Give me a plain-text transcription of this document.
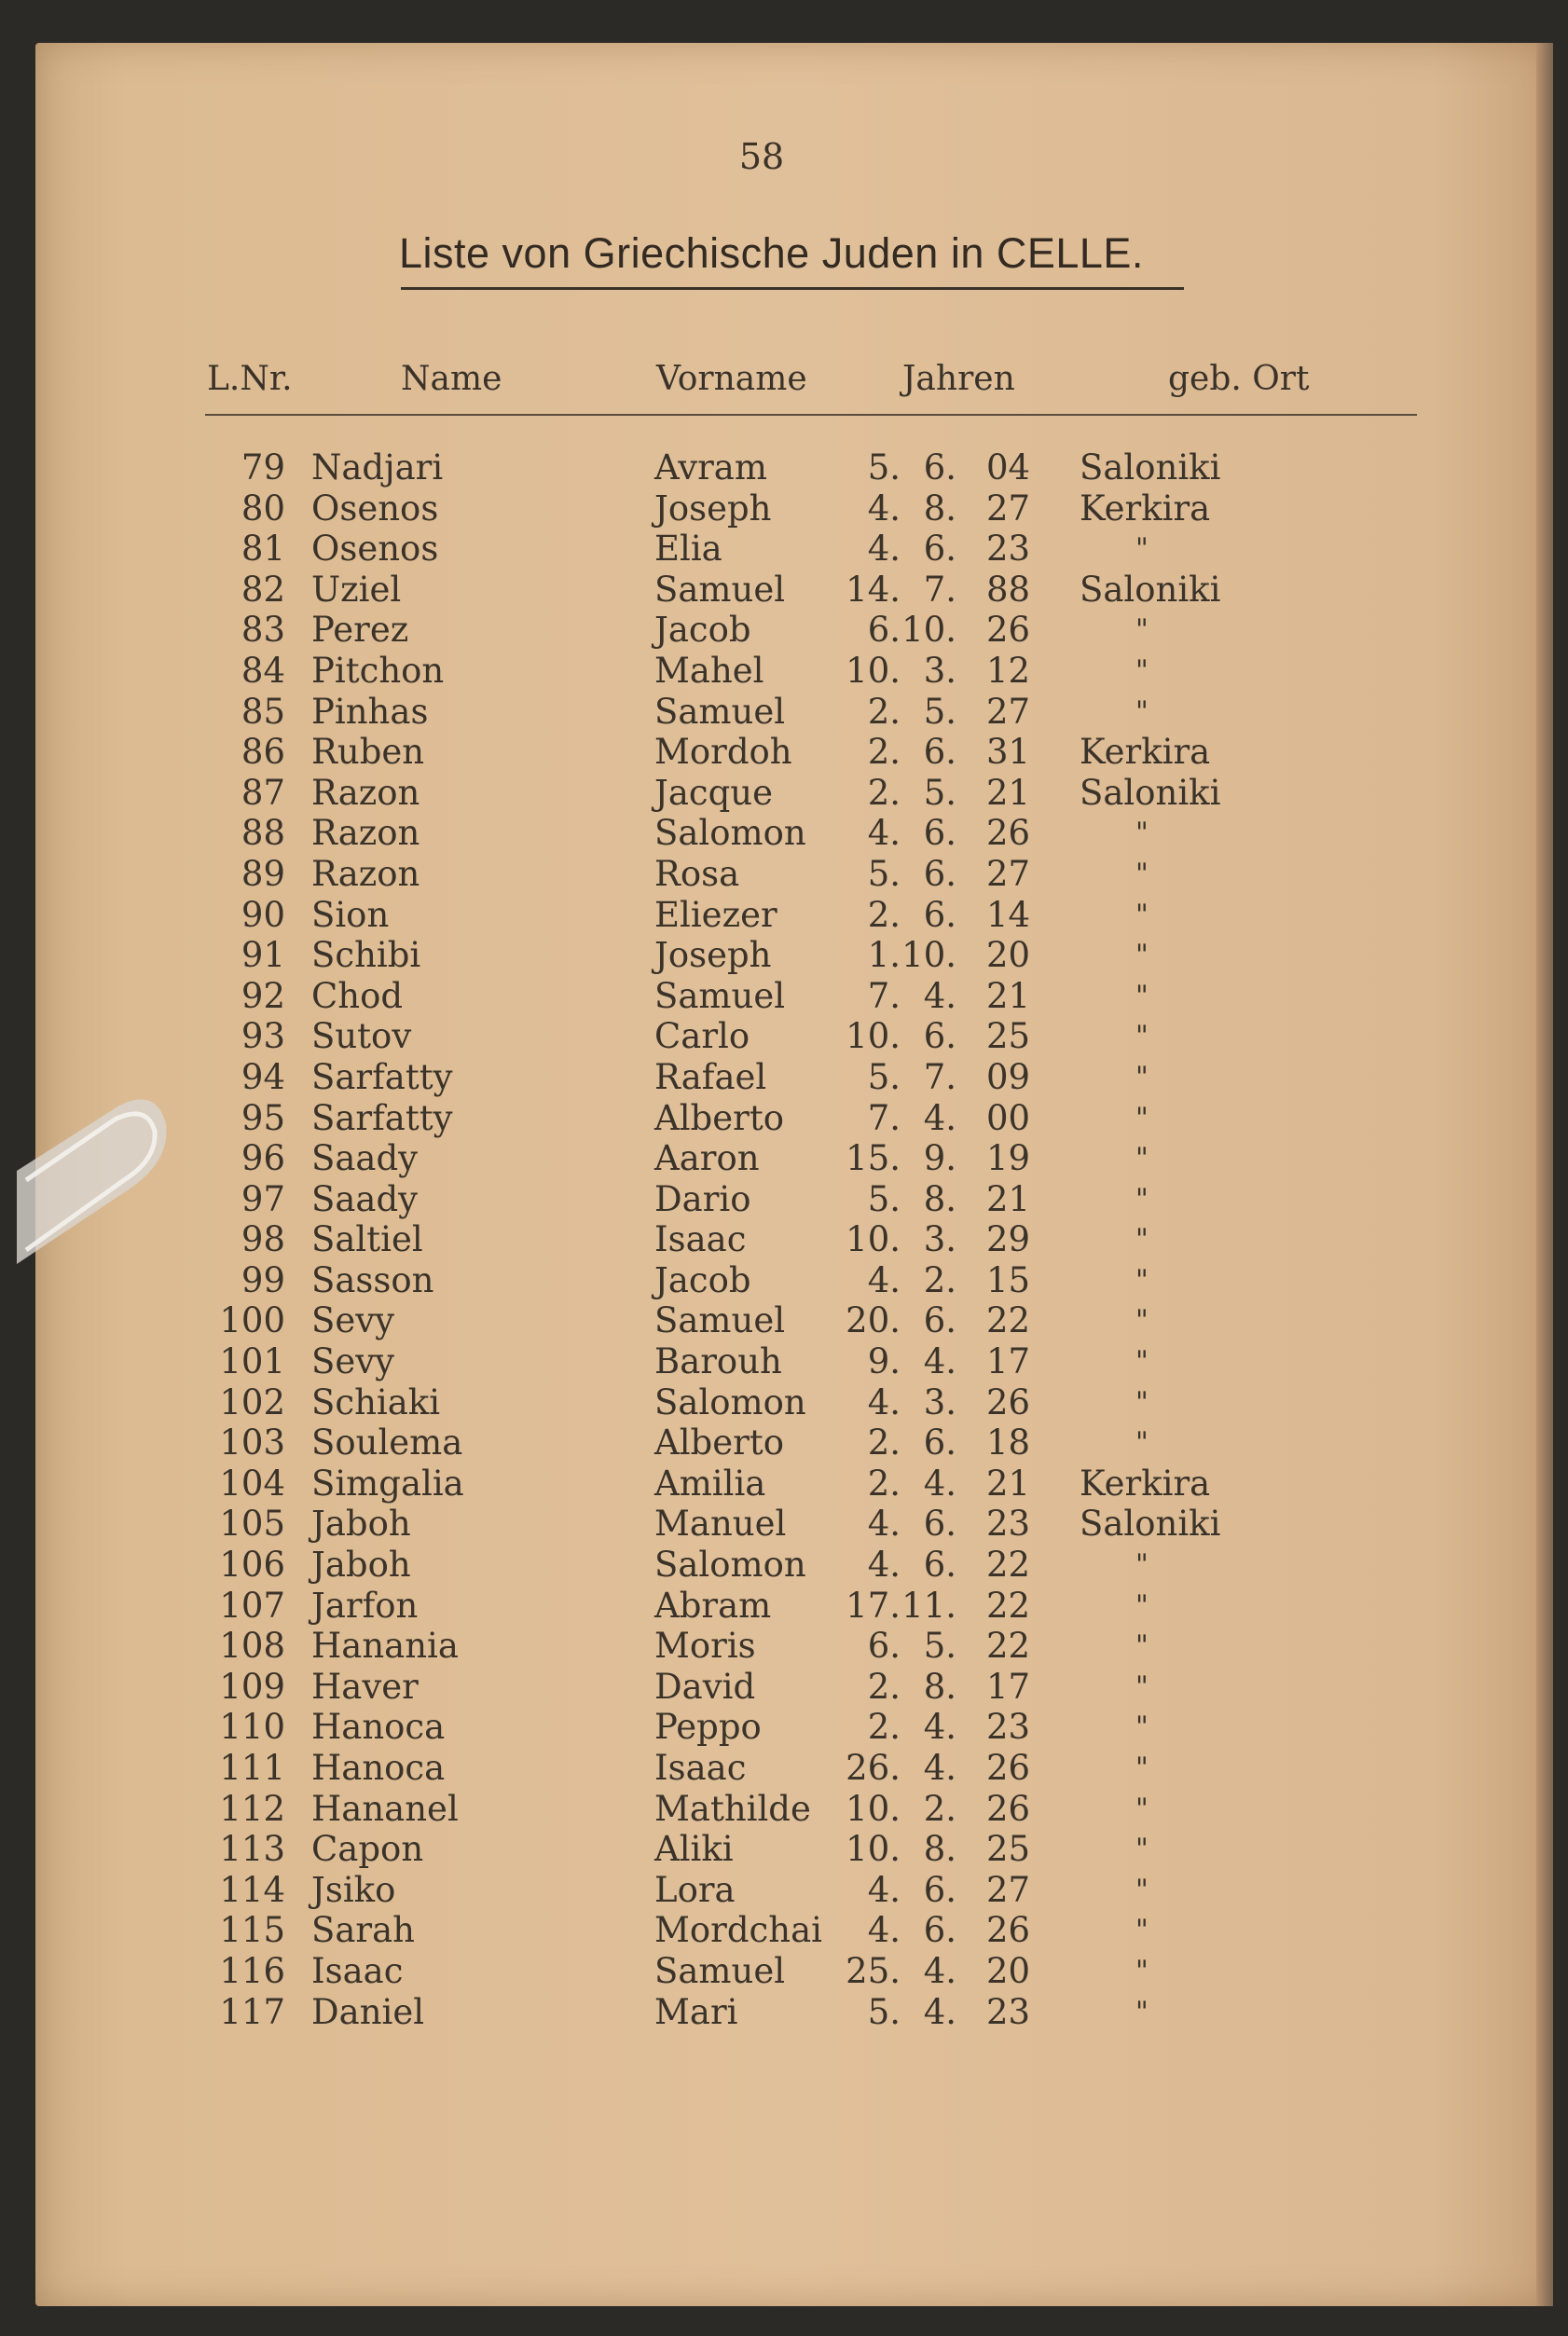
58
Liste von Griechische Juden in CELLE.
L.Nr.	Name	Vorname	Jahren	geb. Ort
79 Nadjari	Avram	5. 6. 04 Saloniki
80 Osenos	Joseph	4. 8. 27 Kerkira
81 Osenos	Elia	4. 6. 23	"
82 Uziel	Samuel 14. 7. 88 Saloniki
83 Perez	Jacob	6. 10. 26	"
84 Pitchon	Mahel 10. 3. 12	"
85 Pinhas	Samuel 2. 5. 27	"
86 Ruben	Mordoh 2. 6. 31 Kerkira
87 Razon	Jacque	2. 5. 21 Saloniki
88 Razon	Salomon 4. 6. 26	"
89 Razon	Rosa	5. 6. 27	"
90 Sion	Eliezer	2. 6. 14	"
91 Schibi	Joseph	1. 10. 20	"
92 Chod	Samuel 7. 4. 21	"
93 Sutov	Carlo	10. 6. 25	"
94 Sarfatty	Rafael	5. 7. 09	"
95 Sarfatty	Alberto 7. 4. 00	"
96 Saady	Aaron	15. 9. 19	"
97 Saady	Dario	5. 8. 21	"
98 Saltiel	Isaac	10. 3. 29	"
99 Sasson	Jacob	4. 2. 15	"
100 Sevy	Samuel 20. 6. 22	"
101 Sevy	Barouh 9. 4. 17	"
102 Schiaki	Salomon 4. 3. 26	"
103 Soulema	Alberto 2. 6. 18	"
104 Simgalia	Amilia	2. 4. 21 Kerkira
105 Jaboh	Manuel 4. 6. 23 Saloniki
106 Jaboh	Salomon 4. 6. 22	"
107 Jarfon	Abram 17. 11. 22	"
108 Hanania	Moris	6. 5. 22	"
109 Haver	David	2. 8. 17	"
110 Hanoca	Peppo	2. 4. 23	"
111 Hanoca	Isaac	26. 4. 26	"
112 Hananel	Mathilde 10. 2. 26	"
113 Capon	Aliki	10. 8. 25	"
114 Jsiko	Lora	4. 6. 27	"
115 Sarah	Mordchai 4. 6. 26	"
116 Isaac	Samuel 25. 4. 20	"
117 Daniel	Mari	5. 4. 23	"
